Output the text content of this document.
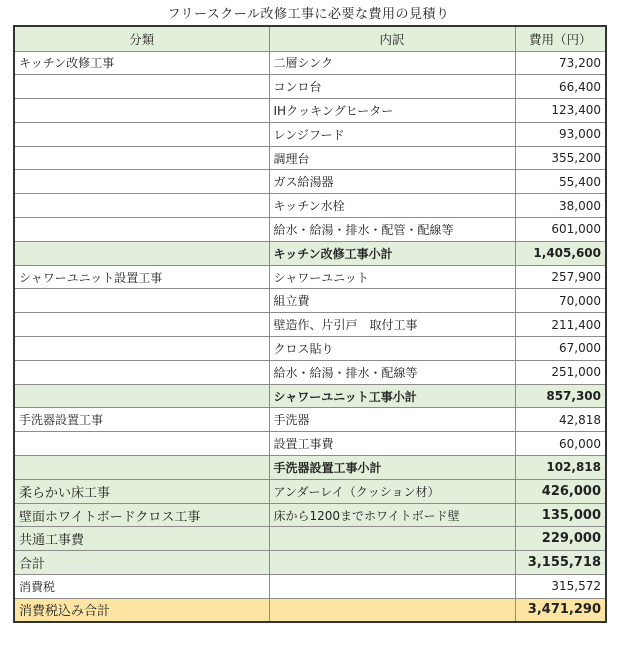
フリースクール改修工事に必要な費用の見積り
分類	内訳	費用（円）
キッチン改修工事	二層シンク	73,200
	コンロ台	66,400
	IHクッキングヒーター	123,400
	レンジフード	93,000
	調理台	355,200
	ガス給湯器	55,400
	キッチン水栓	38,000
	給水・給湯・排水・配管・配線等	601,000
	キッチン改修工事小計	1,405,600
シャワーユニット設置工事	シャワーユニット	257,900
	組立費	70,000
	壁造作、片引戸　取付工事	211,400
	クロス貼り	67,000
	給水・給湯・排水・配線等	251,000
	シャワーユニット工事小計	857,300
手洗器設置工事	手洗器	42,818
	設置工事費	60,000
	手洗器設置工事小計	102,818
柔らかい床工事	アンダーレイ（クッション材）	426,000
壁面ホワイトボードクロス工事	床から1200までホワイトボード壁	135,000
共通工事費		229,000
合計		3,155,718
消費税		315,572
消費税込み合計		3,471,290
